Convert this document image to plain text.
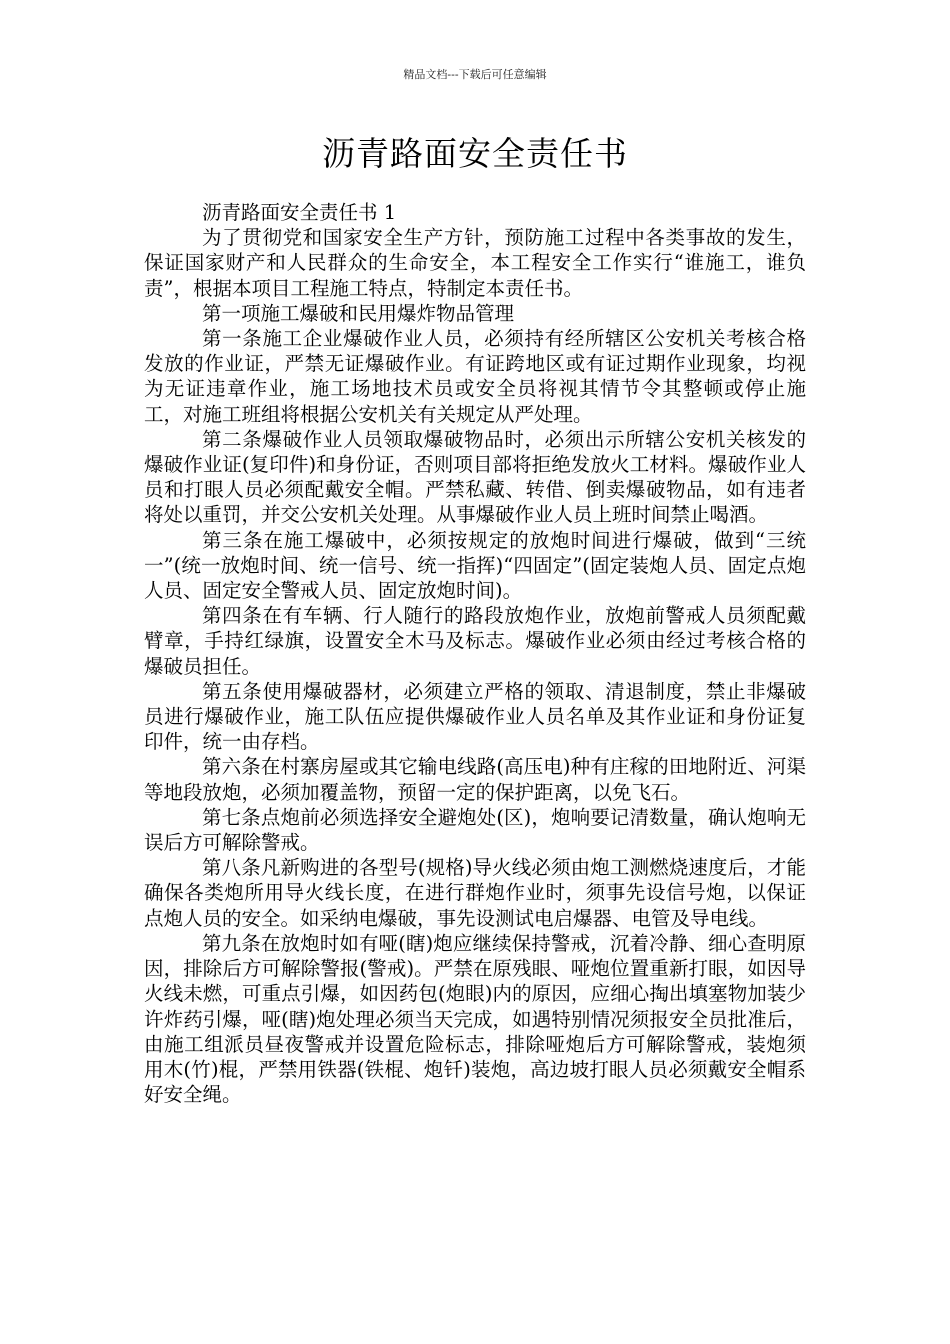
精品文档---下载后可任意编辑
沥青路面安全责任书

沥青路面安全责任书 1

为了贯彻党和国家安全生产方针，预防施工过程中各类事故的发生，保证国家财产和人民群众的生命安全，本工程安全工作实行“谁施工，谁负责”，根据本项目工程施工特点，特制定本责任书。

第一项施工爆破和民用爆炸物品管理

第一条施工企业爆破作业人员，必须持有经所辖区公安机关考核合格发放的作业证，严禁无证爆破作业。有证跨地区或有证过期作业现象，均视为无证违章作业，施工场地技术员或安全员将视其情节令其整顿或停止施工，对施工班组将根据公安机关有关规定从严处理。

第二条爆破作业人员领取爆破物品时，必须出示所辖公安机关核发的爆破作业证(复印件)和身份证，否则项目部将拒绝发放火工材料。爆破作业人员和打眼人员必须配戴安全帽。严禁私藏、转借、倒卖爆破物品，如有违者将处以重罚，并交公安机关处理。从事爆破作业人员上班时间禁止喝酒。

第三条在施工爆破中，必须按规定的放炮时间进行爆破，做到“三统一”(统一放炮时间、统一信号、统一指挥)“四固定”(固定装炮人员、固定点炮人员、固定安全警戒人员、固定放炮时间)。

第四条在有车辆、行人随行的路段放炮作业，放炮前警戒人员须配戴臂章，手持红绿旗，设置安全木马及标志。爆破作业必须由经过考核合格的爆破员担任。

第五条使用爆破器材，必须建立严格的领取、清退制度，禁止非爆破员进行爆破作业，施工队伍应提供爆破作业人员名单及其作业证和身份证复印件，统一由存档。

第六条在村寨房屋或其它输电线路(高压电)种有庄稼的田地附近、河渠等地段放炮，必须加覆盖物，预留一定的保护距离，以免飞石。

第七条点炮前必须选择安全避炮处(区)，炮响要记清数量，确认炮响无误后方可解除警戒。

第八条凡新购进的各型号(规格)导火线必须由炮工测燃烧速度后，才能确保各类炮所用导火线长度，在进行群炮作业时，须事先设信号炮，以保证点炮人员的安全。如采纳电爆破，事先设测试电启爆器、电管及导电线。

第九条在放炮时如有哑(瞎)炮应继续保持警戒，沉着冷静、细心查明原因，排除后方可解除警报(警戒)。严禁在原残眼、哑炮位置重新打眼，如因导火线未燃，可重点引爆，如因药包(炮眼)内的原因，应细心掏出填塞物加装少许炸药引爆，哑(瞎)炮处理必须当天完成，如遇特别情况须报安全员批准后，由施工组派员昼夜警戒并设置危险标志，排除哑炮后方可解除警戒，装炮须用木(竹)棍，严禁用铁器(铁棍、炮钎)装炮，高边坡打眼人员必须戴安全帽系好安全绳。
